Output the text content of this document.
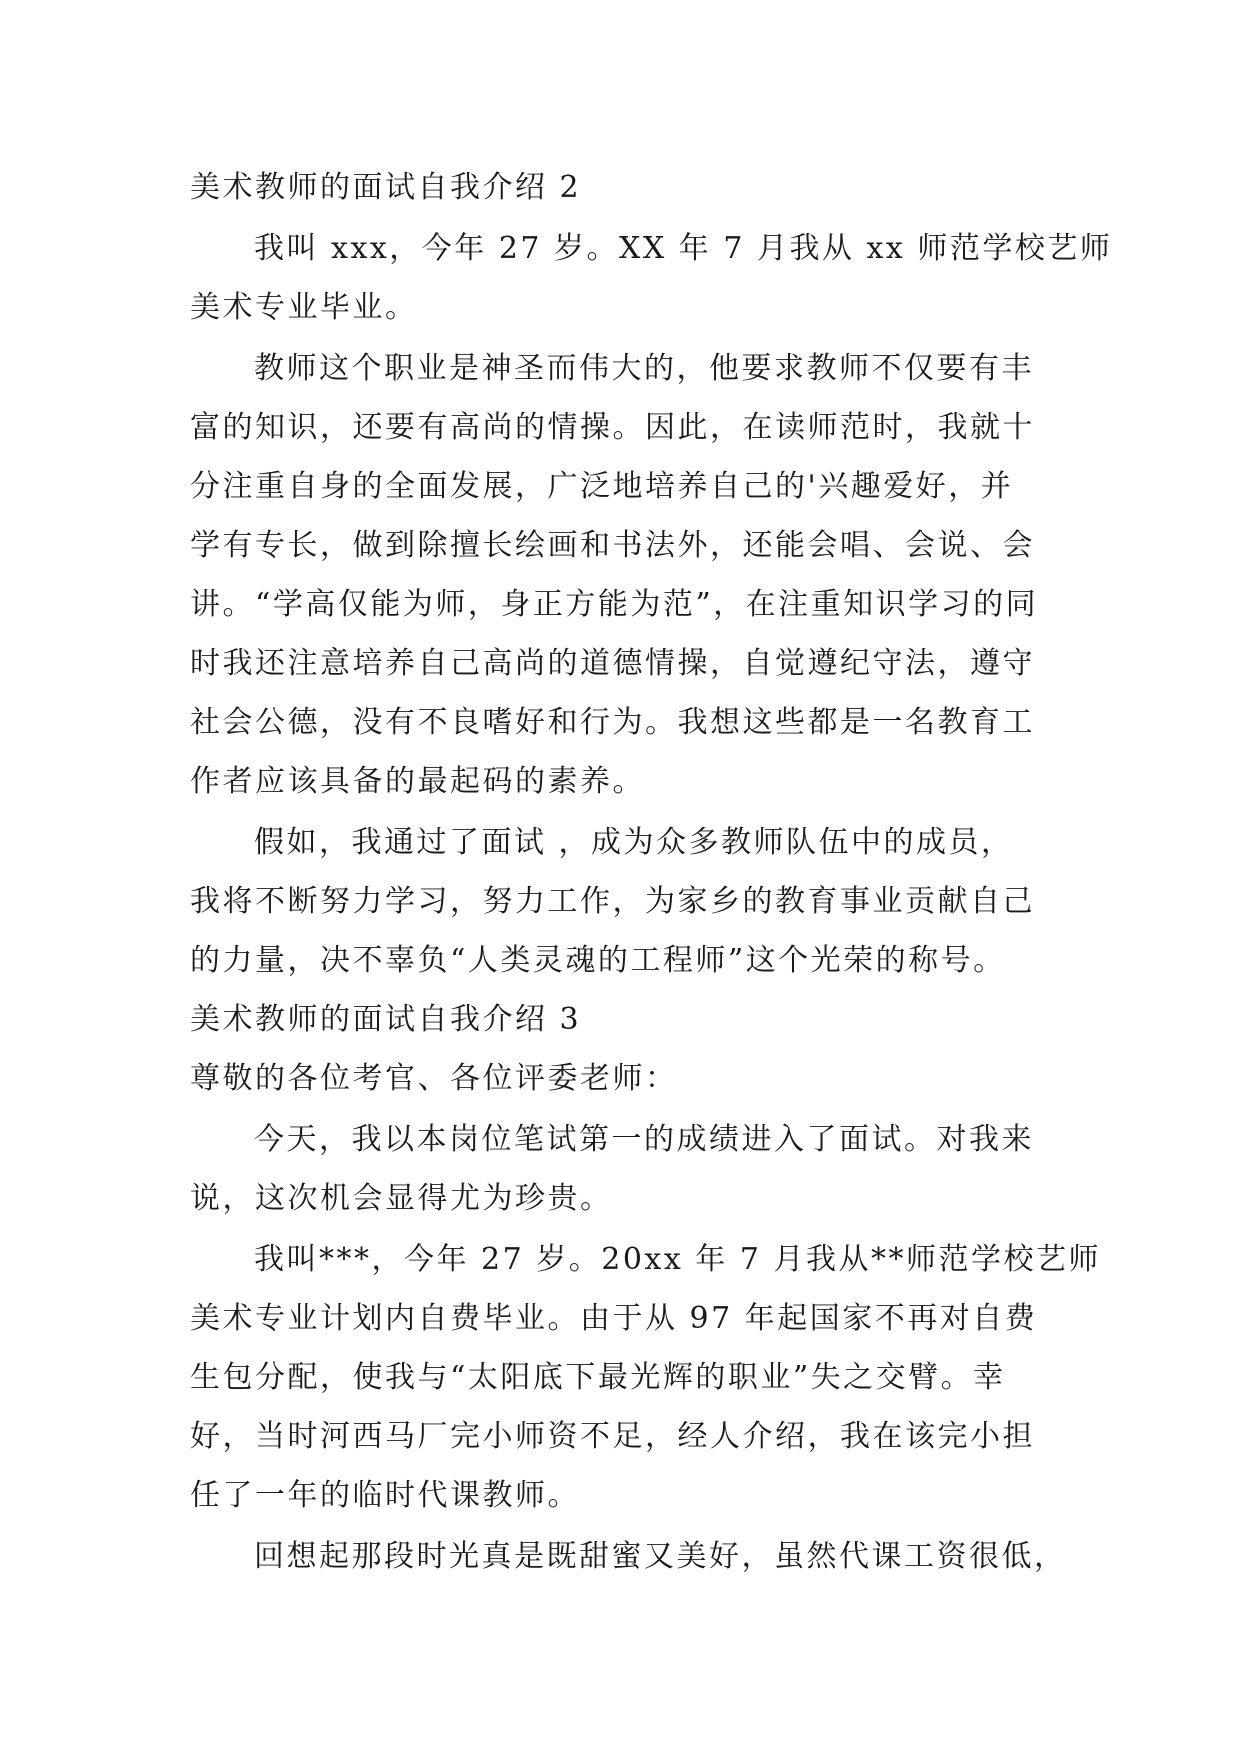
美术教师的面试自我介绍 2
我叫 xxx，今年 27 岁。XX 年 7 月我从 xx 师范学校艺师
美术专业毕业。
教师这个职业是神圣而伟大的，他要求教师不仅要有丰
富的知识，还要有高尚的情操。因此，在读师范时，我就十
分注重自身的全面发展，广泛地培养自己的'兴趣爱好，并
学有专长，做到除擅长绘画和书法外，还能会唱、会说、会
讲。“学高仅能为师，身正方能为范”，在注重知识学习的同
时我还注意培养自己高尚的道德情操，自觉遵纪守法，遵守
社会公德，没有不良嗜好和行为。我想这些都是一名教育工
作者应该具备的最起码的素养。
假如，我通过了面试 ，成为众多教师队伍中的成员，
我将不断努力学习，努力工作，为家乡的教育事业贡献自己
的力量，决不辜负“人类灵魂的工程师”这个光荣的称号。
美术教师的面试自我介绍 3
尊敬的各位考官、各位评委老师：
今天，我以本岗位笔试第一的成绩进入了面试。对我来
说，这次机会显得尤为珍贵。
我叫***，今年 27 岁。20xx 年 7 月我从**师范学校艺师
美术专业计划内自费毕业。由于从 97 年起国家不再对自费
生包分配，使我与“太阳底下最光辉的职业”失之交臂。幸
好，当时河西马厂完小师资不足，经人介绍，我在该完小担
任了一年的临时代课教师。
回想起那段时光真是既甜蜜又美好，虽然代课工资很低，
